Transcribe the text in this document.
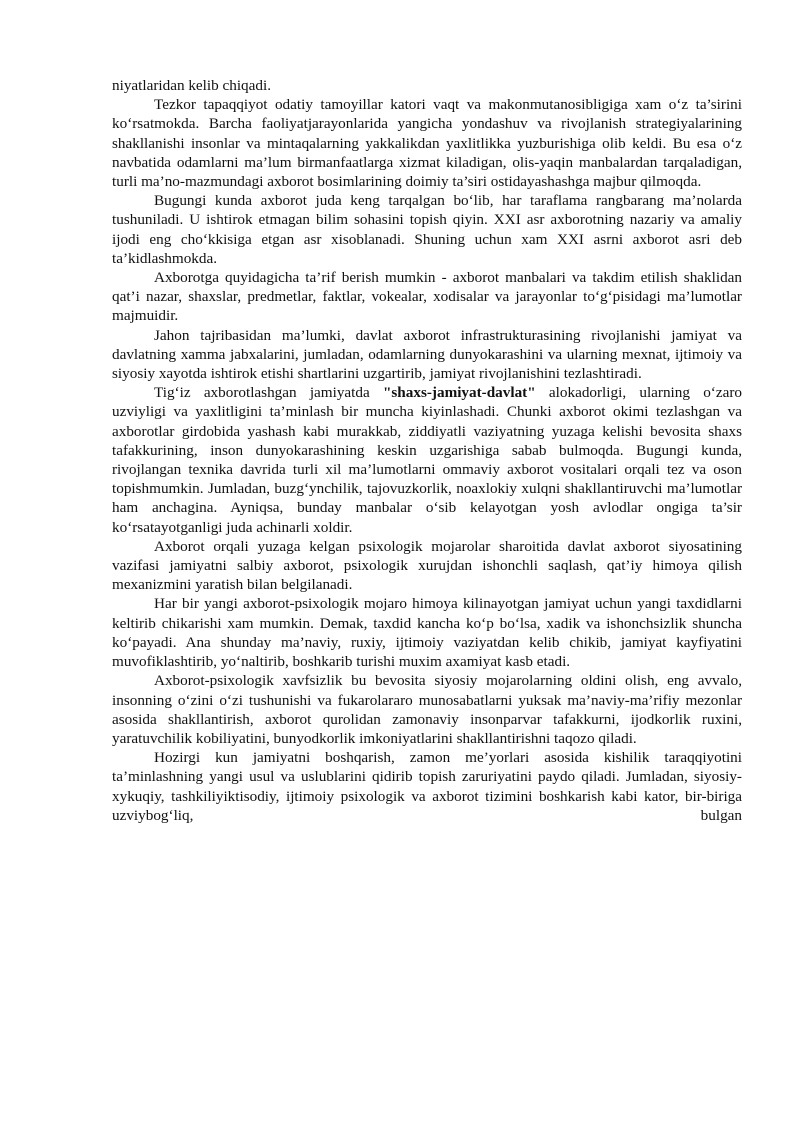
niyatlaridan kelib chiqadi.

Tezkor tapaqqiyot odatiy tamoyillar katori vaqt va makonmutanosibligiga xam o‘z ta’sirini ko‘rsatmokda. Barcha faoliyatjarayonlarida yangicha yondashuv va rivojlanish strategiyalarining shakllanishi insonlar va mintaqalarning yakkalikdan yaxlitlikka yuzburishiga olib keldi. Bu esa o‘z navbatida odamlarni ma’lum birmanfaatlarga xizmat kiladigan, olis-yaqin manbalardan tarqaladigan, turli ma’no-mazmundagi axborot bosimlarining doimiy ta’siri ostidayashashga majbur qilmoqda.

Bugungi kunda axborot juda keng tarqalgan bo‘lib, har taraflama rangbarang ma’nolarda tushuniladi. U ishtirok etmagan bilim sohasini topish qiyin. XXI asr axborotning nazariy va amaliy ijodi eng cho‘kkisiga etgan asr xisoblanadi. Shuning uchun xam XXI asrni axborot asri deb ta’kidlashmokda.

Axborotga quyidagicha ta’rif berish mumkin - axborot manbalari va takdim etilish shaklidan qat’i nazar, shaxslar, predmetlar, faktlar, vokealar, xodisalar va jarayonlar to‘g‘pisidagi ma’lumotlar majmuidir.

Jahon tajribasidan ma’lumki, davlat axborot infrastrukturasining rivojlanishi jamiyat va davlatning xamma jabxalarini, jumladan, odamlarning dunyokarashini va ularning mexnat, ijtimoiy va siyosiy xayotda ishtirok etishi shartlarini uzgartirib, jamiyat rivojlanishini tezlashtiradi.

Tig‘iz axborotlashgan jamiyatda "shaxs-jamiyat-davlat" alokadorligi, ularning o‘zaro uzviyligi va yaxlitligini ta’minlash bir muncha kiyinlashadi. Chunki axborot okimi tezlashgan va axborotlar girdobida yashash kabi murakkab, ziddiyatli vaziyatning yuzaga kelishi bevosita shaxs tafakkurining, inson dunyokarashining keskin uzgarishiga sabab bulmoqda. Bugungi kunda, rivojlangan texnika davrida turli xil ma’lumotlarni ommaviy axborot vositalari orqali tez va oson topishmumkin. Jumladan, buzg‘ynchilik, tajovuzkorlik, noaxlokiy xulqni shakllantiruvchi ma’lumotlar ham anchagina. Ayniqsa, bunday manbalar o‘sib kelayotgan yosh avlodlar ongiga ta’sir ko‘rsatayotganligi juda achinarli xoldir.

Axborot orqali yuzaga kelgan psixologik mojarolar sharoitida davlat axborot siyosatining vazifasi jamiyatni salbiy axborot, psixologik xurujdan ishonchli saqlash, qat’iy himoya qilish mexanizmini yaratish bilan belgilanadi.

Har bir yangi axborot-psixologik mojaro himoya kilinayotgan jamiyat uchun yangi taxdidlarni keltirib chikarishi xam mumkin. Demak, taxdid kancha ko‘p bo‘lsa, xadik va ishonchsizlik shuncha ko‘payadi. Ana shunday ma’naviy, ruxiy, ijtimoiy vaziyatdan kelib chikib, jamiyat kayfiyatini muvofiklashtirib, yo‘naltirib, boshkarib turishi muxim axamiyat kasb etadi.

Axborot-psixologik xavfsizlik bu bevosita siyosiy mojarolarning oldini olish, eng avvalo, insonning o‘zini o‘zi tushunishi va fukarolararo munosabatlarni yuksak ma’naviy-ma’rifiy mezonlar asosida shakllantirish, axborot qurolidan zamonaviy insonparvar tafakkurni, ijodkorlik ruxini, yaratuvchilik kobiliyatini, bunyodkorlik imkoniyatlarini shakllantirishni taqozo qiladi.

Hozirgi kun jamiyatni boshqarish, zamon me’yorlari asosida kishilik taraqqiyotini ta’minlashning yangi usul va uslublarini qidirib topish zaruriyatini paydo qiladi. Jumladan, siyosiy-xykuqiy, tashkiliyiktisodiy, ijtimoiy psixologik va axborot tizimini boshkarish kabi kator, bir-biriga uzviybog‘liq, bulgan
